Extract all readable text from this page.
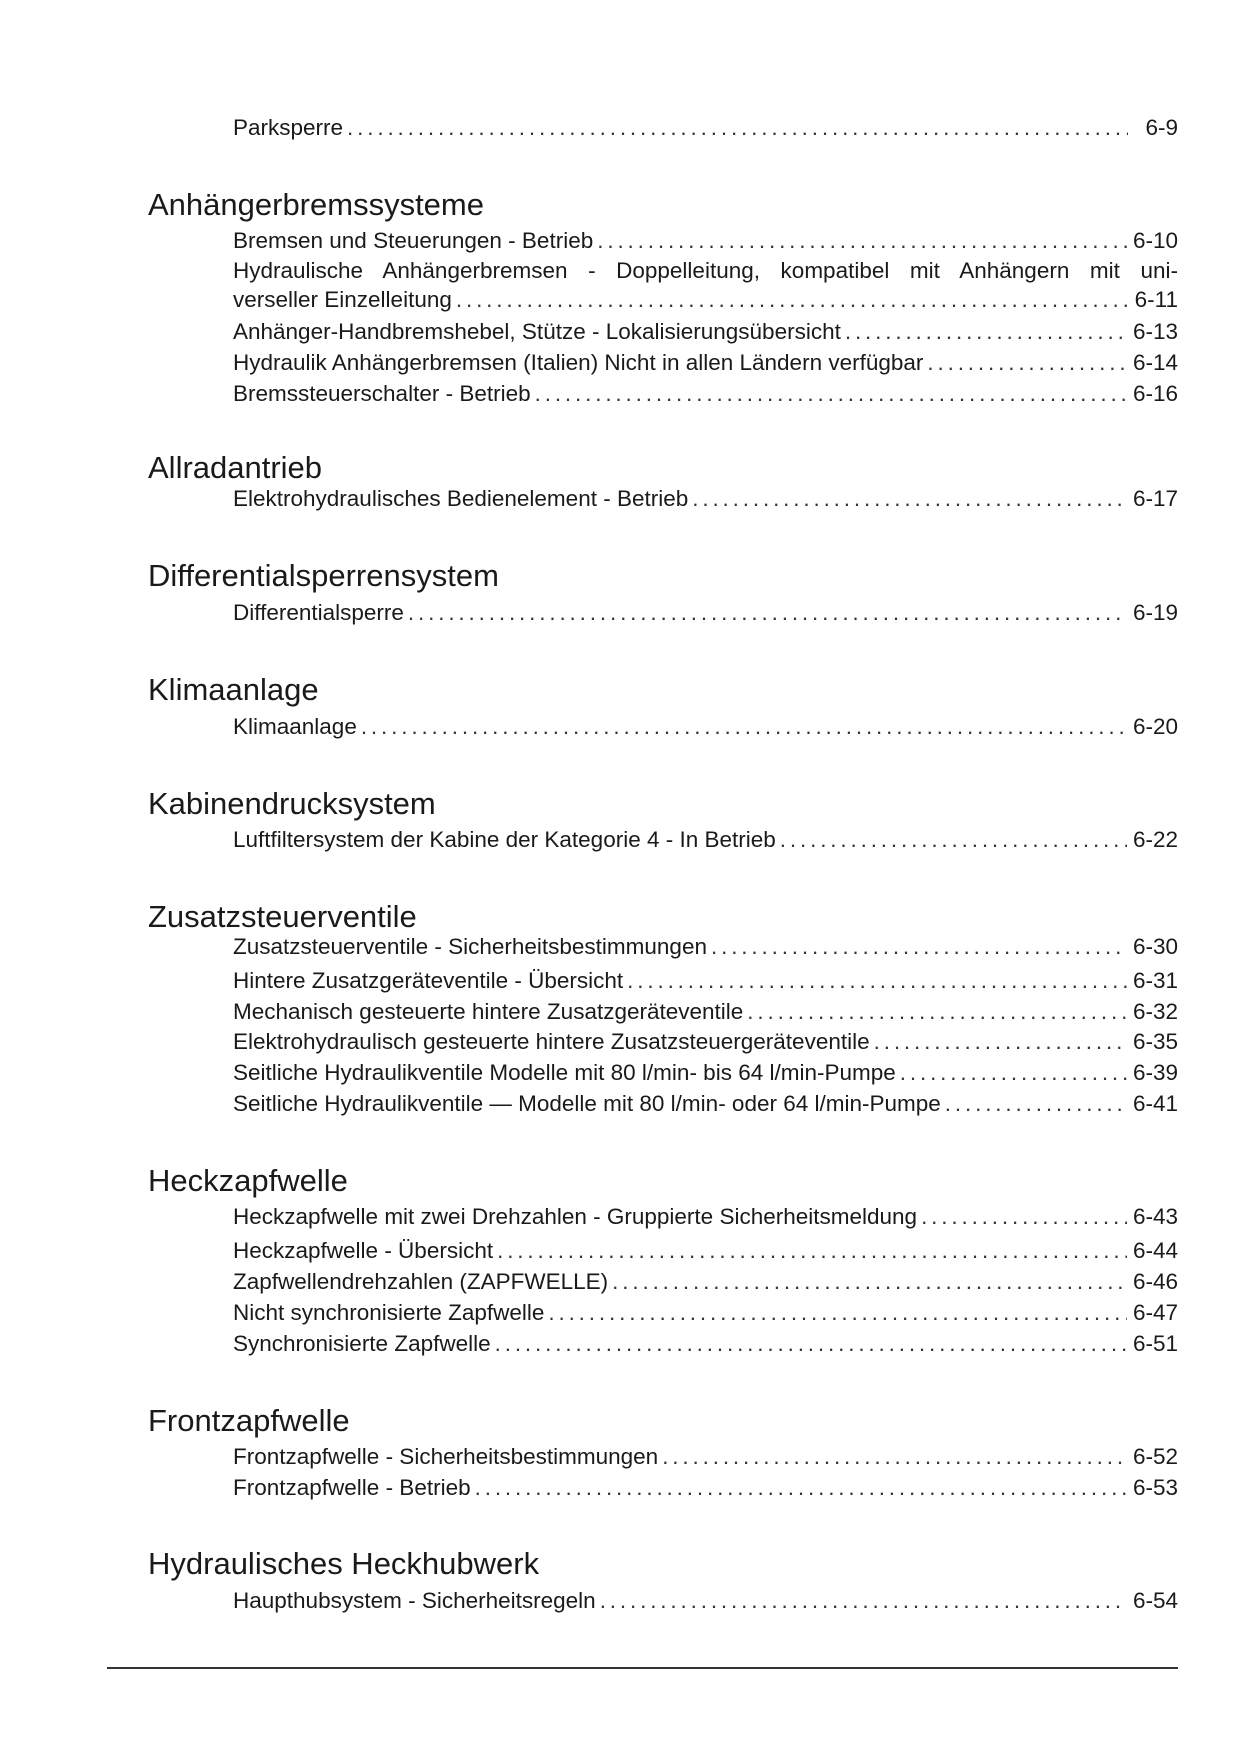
Parksperre . . .	6-9
Anhängerbremssysteme
Bremsen und Steuerungen - Betrieb . . .	6-10
Hydraulische Anhängerbremsen - Doppelleitung, kompatibel mit Anhängern mit uni-
verseller Einzelleitung . . .	6-11
Anhänger-Handbremshebel, Stütze - Lokalisierungsübersicht . . .	6-13
Hydraulik Anhängerbremsen (Italien) Nicht in allen Ländern verfügbar . . .	6-14
Bremssteuerschalter - Betrieb . . .	6-16
Allradantrieb
Elektrohydraulisches Bedienelement - Betrieb . . .	6-17
Differentialsperrensystem
Differentialsperre . . .	6-19
Klimaanlage
Klimaanlage . . .	6-20
Kabinendrucksystem
Luftfiltersystem der Kabine der Kategorie 4 - In Betrieb . . .	6-22
Zusatzsteuerventile
Zusatzsteuerventile - Sicherheitsbestimmungen . . .	6-30
Hintere Zusatzgeräteventile - Übersicht . . .	6-31
Mechanisch gesteuerte hintere Zusatzgeräteventile . . .	6-32
Elektrohydraulisch gesteuerte hintere Zusatzsteuergeräteventile . . .	6-35
Seitliche Hydraulikventile Modelle mit 80 l/min- bis 64 l/min-Pumpe . . .	6-39
Seitliche Hydraulikventile — Modelle mit 80 l/min- oder 64 l/min-Pumpe . . .	6-41
Heckzapfwelle
Heckzapfwelle mit zwei Drehzahlen - Gruppierte Sicherheitsmeldung . . .	6-43
Heckzapfwelle - Übersicht . . .	6-44
Zapfwellendrehzahlen (ZAPFWELLE) . . .	6-46
Nicht synchronisierte Zapfwelle . . .	6-47
Synchronisierte Zapfwelle . . .	6-51
Frontzapfwelle
Frontzapfwelle - Sicherheitsbestimmungen . . .	6-52
Frontzapfwelle - Betrieb . . .	6-53
Hydraulisches Heckhubwerk
Haupthubsystem - Sicherheitsregeln . . .	6-54
